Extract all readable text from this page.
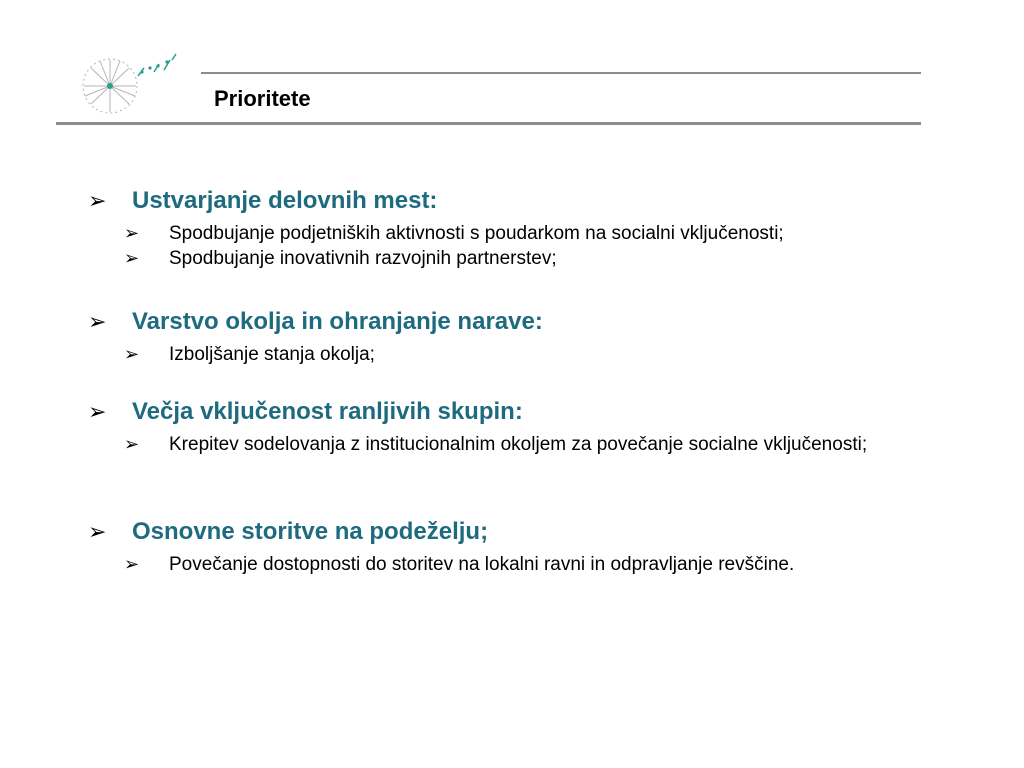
Prioritete
➢	Ustvarjanje delovnih mest:
➢	Spodbujanje podjetniških aktivnosti s poudarkom na socialni vključenosti;
➢	Spodbujanje inovativnih razvojnih partnerstev;
➢	Varstvo okolja in ohranjanje narave:
➢	Izboljšanje stanja okolja;
➢	Večja vključenost ranljivih skupin:
➢	Krepitev sodelovanja z institucionalnim okoljem za povečanje socialne vključenosti;
➢	Osnovne storitve na podeželju;
➢	Povečanje dostopnosti do storitev na lokalni ravni in odpravljanje revščine.
